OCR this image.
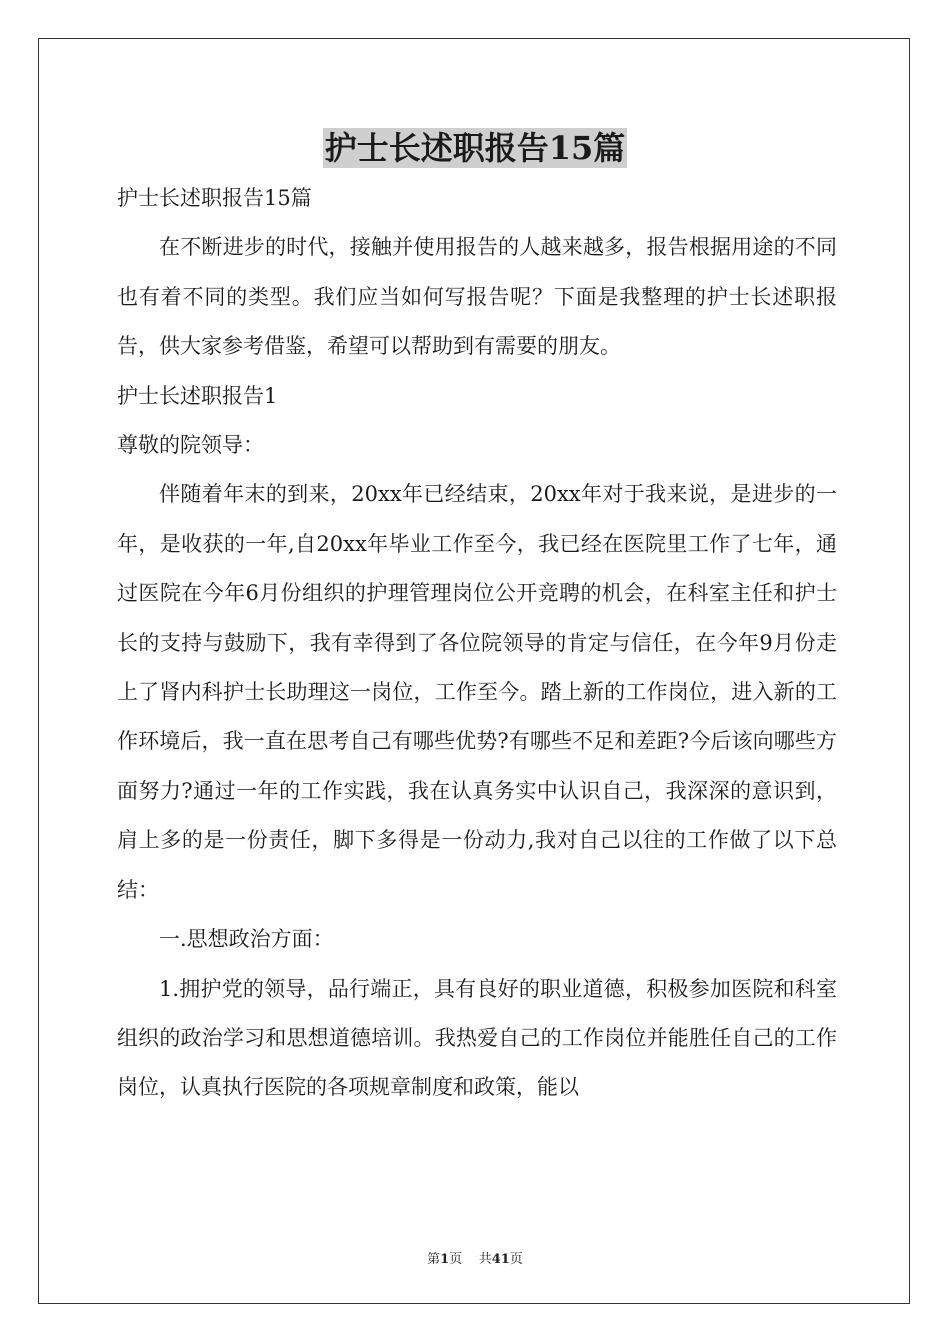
护士长述职报告15篇

护士长述职报告15篇

在不断进步的时代，接触并使用报告的人越来越多，报告根据用途的不同也有着不同的类型。我们应当如何写报告呢？下面是我整理的护士长述职报告，供大家参考借鉴，希望可以帮助到有需要的朋友。

护士长述职报告1

尊敬的院领导：

伴随着年末的到来，20xx年已经结束，20xx年对于我来说，是进步的一年，是收获的一年,自20xx年毕业工作至今，我已经在医院里工作了七年，通过医院在今年6月份组织的护理管理岗位公开竞聘的机会，在科室主任和护士长的支持与鼓励下，我有幸得到了各位院领导的肯定与信任，在今年9月份走上了肾内科护士长助理这一岗位，工作至今。踏上新的工作岗位，进入新的工作环境后，我一直在思考自己有哪些优势?有哪些不足和差距?今后该向哪些方面努力?通过一年的工作实践，我在认真务实中认识自己，我深深的意识到，肩上多的是一份责任，脚下多得是一份动力,我对自己以往的工作做了以下总结：

一.思想政治方面：

1.拥护党的领导，品行端正，具有良好的职业道德，积极参加医院和科室组织的政治学习和思想道德培训。我热爱自己的工作岗位并能胜任自己的工作岗位，认真执行医院的各项规章制度和政策，能以

第1页 共41页
